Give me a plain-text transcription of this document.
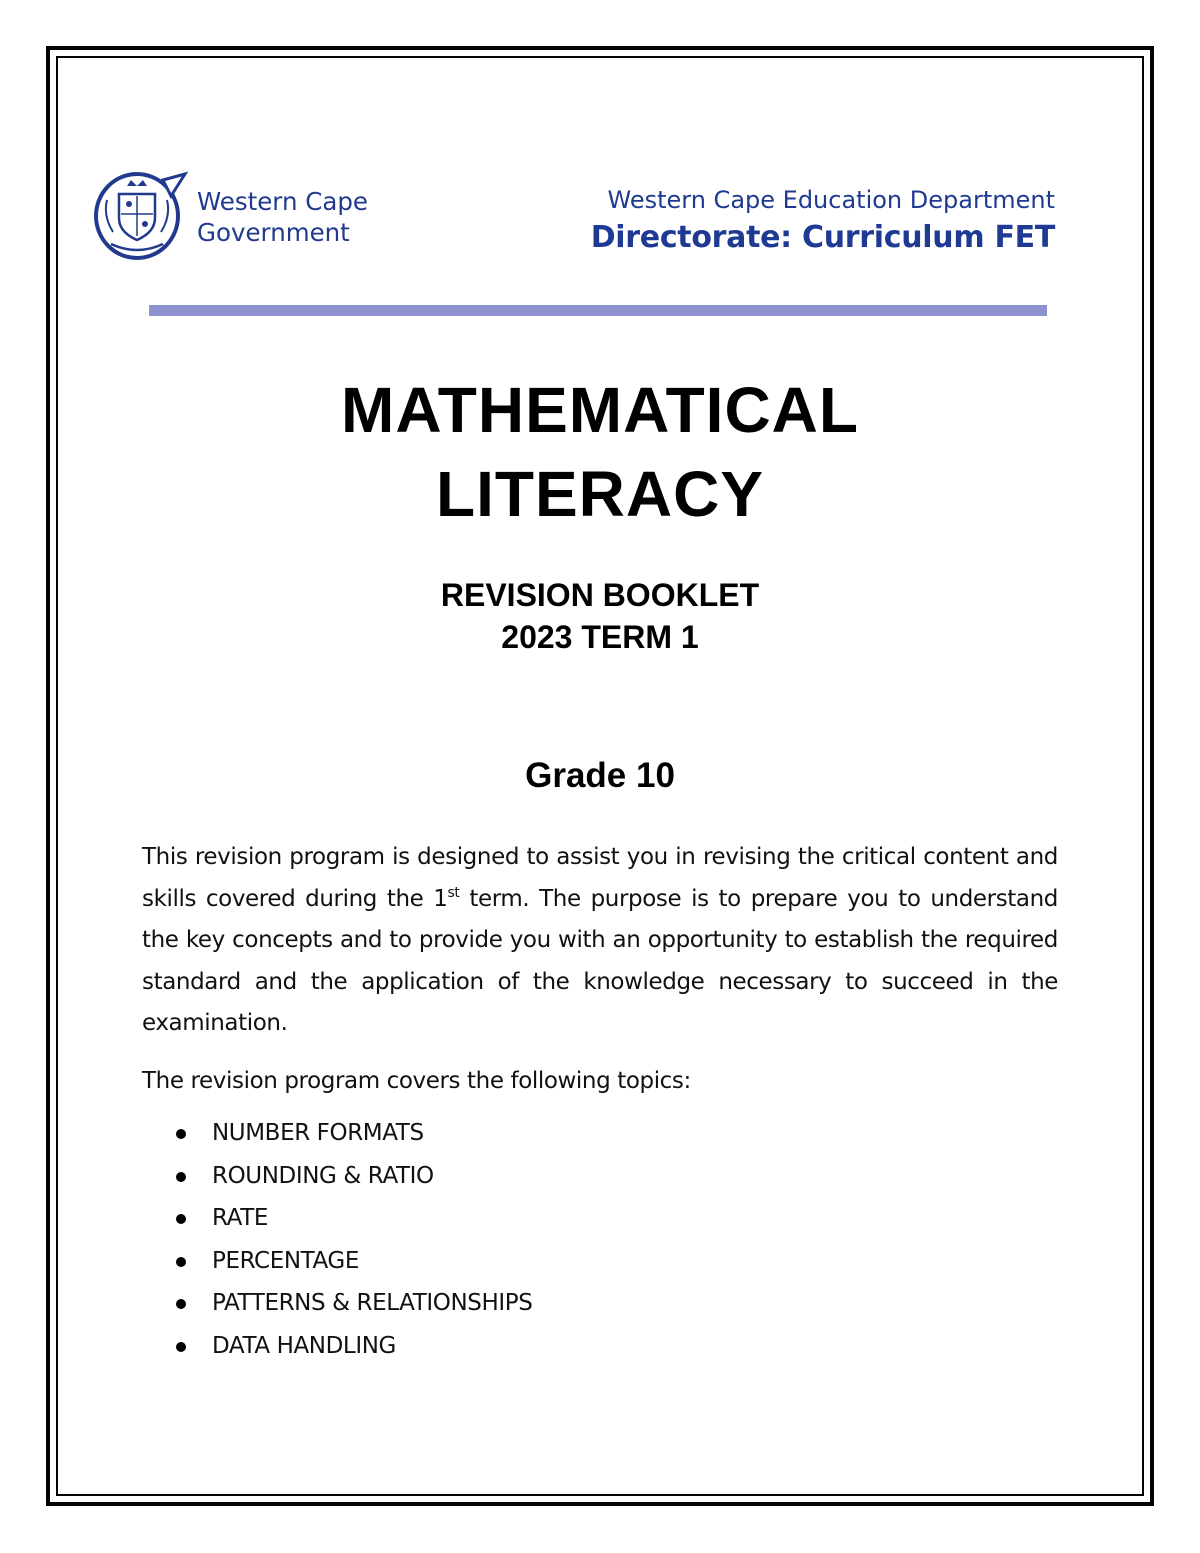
Western Cape
Government
Western Cape Education Department
Directorate: Curriculum FET
MATHEMATICAL
LITERACY
REVISION BOOKLET
2023 TERM 1
Grade 10

This revision program is designed to assist you in revising the critical content and skills covered during the 1st term. The purpose is to prepare you to understand the key concepts and to provide you with an opportunity to establish the required standard and the application of the knowledge necessary to succeed in the examination.

The revision program covers the following topics:

NUMBER FORMATS
ROUNDING & RATIO
RATE
PERCENTAGE
PATTERNS & RELATIONSHIPS
DATA HANDLING
